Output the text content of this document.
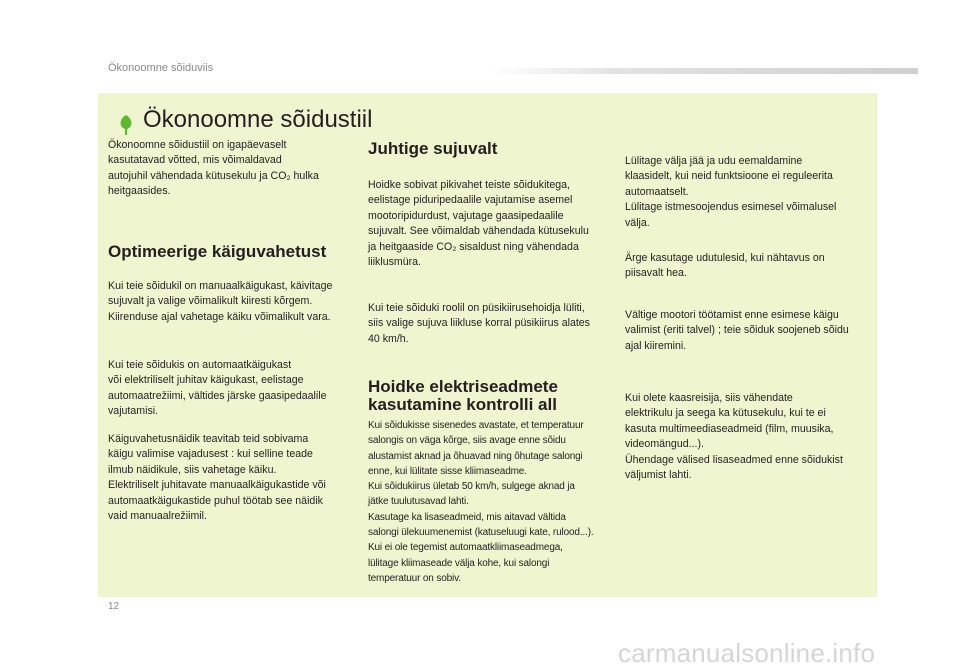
Ökonoomne sõiduviis
Ökonoomne sõidustiil
Ökonoomne sõidustiil on igapäevaselt
kasutatavad võtted, mis võimaldavad
autojuhil vähendada kütusekulu ja CO₂ hulka
heitgaasides.
Optimeerige käiguvahetust
Kui teie sõidukil on manuaalkäigukast, käivitage
sujuvalt ja valige võimalikult kiiresti kõrgem.
Kiirenduse ajal vahetage käiku võimalikult vara.
Kui teie sõidukis on automaatkäigukast
või elektriliselt juhitav käigukast, eelistage
automaatrežiimi, vältides järske gaasipedaalile
vajutamisi.
Käiguvahetusnäidik teavitab teid sobivama
käigu valimise vajadusest : kui selline teade
ilmub näidikule, siis vahetage käiku.
Elektriliselt juhitavate manuaalkäigukastide või
automaatkäigukastide puhul töötab see näidik
vaid manuaalrežiimil.
Juhtige sujuvalt
Hoidke sobivat pikivahet teiste sõidukitega,
eelistage piduripedaalile vajutamise asemel
mootoripidurdust, vajutage gaasipedaalile
sujuvalt. See võimaldab vähendada kütusekulu
ja heitgaaside CO₂ sisaldust ning vähendada
liiklusmüra.
Kui teie sõiduki roolil on püsikiirusehoidja lüliti,
siis valige sujuva liikluse korral püsikiirus alates
40 km/h.
Hoidke elektriseadmete
kasutamine kontrolli all
Kui sõidukisse sisenedes avastate, et temperatuur
salongis on väga kõrge, siis avage enne sõidu
alustamist aknad ja õhuavad ning õhutage salongi
enne, kui lülitate sisse kliimaseadme.
Kui sõidukiirus ületab 50 km/h, sulgege aknad ja
jätke tuulutusavad lahti.
Kasutage ka lisaseadmeid, mis aitavad vältida
salongi ülekuumenemist (katuseluugi kate, rulood...).
Kui ei ole tegemist automaatkliimaseadmega,
lülitage kliimaseade välja kohe, kui salongi
temperatuur on sobiv.
Lülitage välja jää ja udu eemaldamine
klaasidelt, kui neid funktsioone ei reguleerita
automaatselt.
Lülitage istmesoojendus esimesel võimalusel
välja.
Ärge kasutage udutulesid, kui nähtavus on
piisavalt hea.
Vältige mootori töötamist enne esimese käigu
valimist (eriti talvel) ; teie sõiduk soojeneb sõidu
ajal kiiremini.
Kui olete kaasreisija, siis vähendate
elektrikulu ja seega ka kütusekulu, kui te ei
kasuta multimeediaseadmeid (film, muusika,
videomängud...).
Ühendage välised lisaseadmed enne sõidukist
väljumist lahti.
12
carmanualsonline.info
